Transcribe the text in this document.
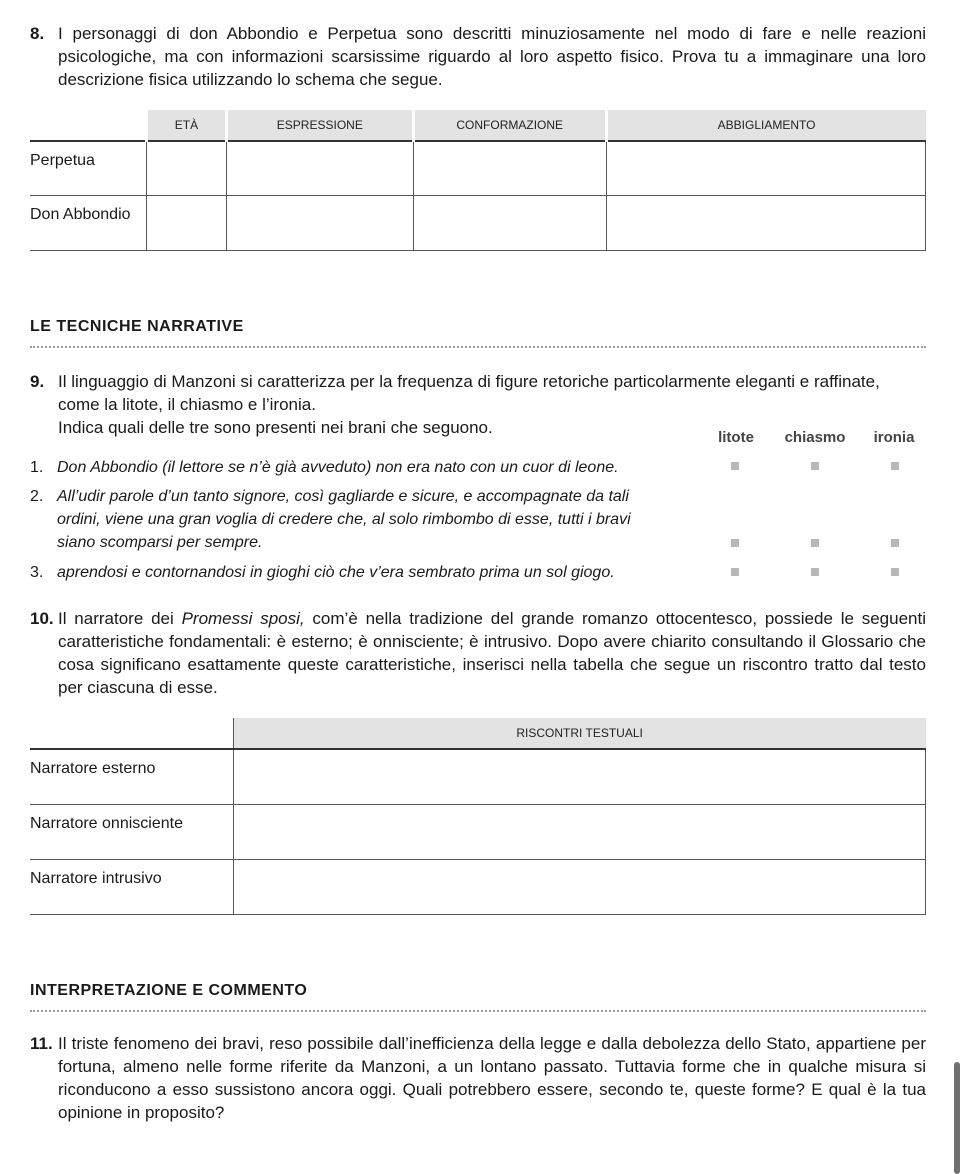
8. I personaggi di don Abbondio e Perpetua sono descritti minuziosamente nel modo di fare e nelle reazioni psicologiche, ma con informazioni scarsissime riguardo al loro aspetto fisico. Prova tu a immaginare una loro descrizione fisica utilizzando lo schema che segue.
	ETÀ	ESPRESSIONE	CONFORMAZIONE	ABBIGLIAMENTO
Perpetua				
Don Abbondio				
LE TECNICHE NARRATIVE
9. Il linguaggio di Manzoni si caratterizza per la frequenza di figure retoriche particolarmente eleganti e raffinate,

come la litote, il chiasmo e l’ironia.

Indica quali delle tre sono presenti nei brani che seguono.

litote	chiasmo	ironia
1. Don Abbondio (il lettore se n’è già avveduto) non era nato con un cuor di leone.
2. All’udir parole d’un tanto signore, così gagliarde e sicure, e accompagnate da tali ordini, viene una gran voglia di credere che, al solo rimbombo di esse, tutti i bravi siano scomparsi per sempre.
3. aprendosi e contornandosi in gioghi ciò che v’era sembrato prima un sol giogo.
10. Il narratore dei Promessi sposi, com’è nella tradizione del grande romanzo ottocentesco, possiede le seguenti caratteristiche fondamentali: è esterno; è onnisciente; è intrusivo. Dopo avere chiarito consultando il Glossario che cosa significano esattamente queste caratteristiche, inserisci nella tabella che segue un riscontro tratto dal testo per ciascuna di esse.
	RISCONTRI TESTUALI
Narratore esterno	
Narratore onnisciente	
Narratore intrusivo	
INTERPRETAZIONE E COMMENTO
11. Il triste fenomeno dei bravi, reso possibile dall’inefficienza della legge e dalla debolezza dello Stato, appartiene per fortuna, almeno nelle forme riferite da Manzoni, a un lontano passato. Tuttavia forme che in qualche misura si riconducono a esso sussistono ancora oggi. Quali potrebbero essere, secondo te, queste forme? E qual è la tua opinione in proposito?
